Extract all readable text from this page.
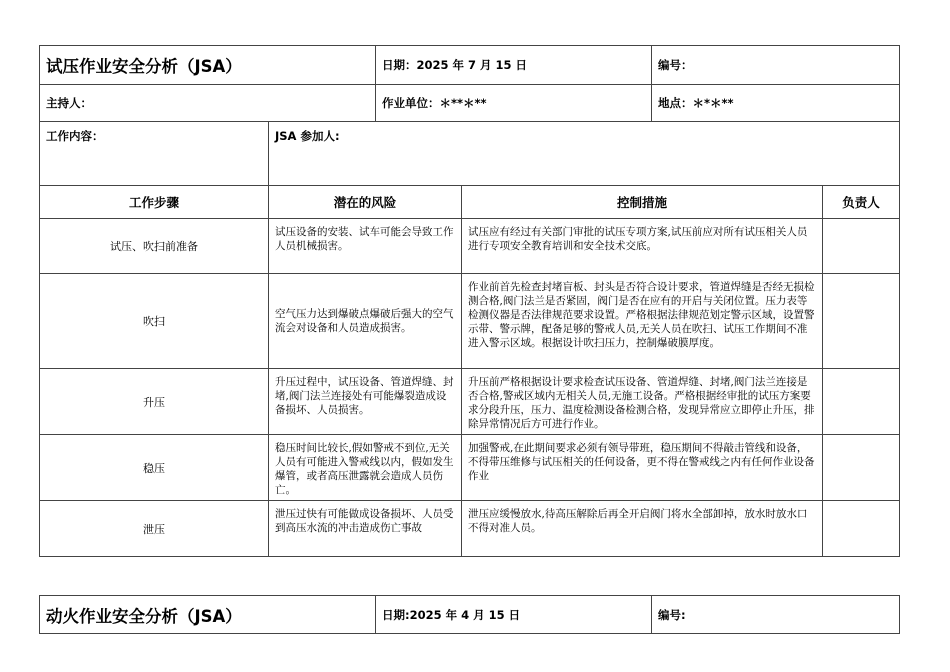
试压作业安全分析（JSA）		日期：2025 年 7 月 15 日		编号：	
主持人：		作业单位：＊**＊**		地点：＊*＊**	
工作内容：	JSA 参加人:				
工作步骤	潜在的风险		控制措施		负责人
试压、吹扫前准备	试压设备的安装、试车可能会导致工作人员机械损害。		试压应有经过有关部门审批的试压专项方案,试压前应对所有试压相关人员进行专项安全教育培训和安全技术交底。		
吹扫	空气压力达到爆破点爆破后强大的空气流会对设备和人员造成损害。		作业前首先检查封堵盲板、封头是否符合设计要求，管道焊缝是否经无损检测合格,阀门法兰是否紧固，阀门是否在应有的开启与关闭位置。压力表等检测仪器是否法律规范要求设置。严格根据法律规范划定警示区域，设置警示带、警示牌，配备足够的警戒人员,无关人员在吹扫、试压工作期间不准进入警示区域。根据设计吹扫压力，控制爆破膜厚度。		
升压	升压过程中，试压设备、管道焊缝、封堵,阀门法兰连接处有可能爆裂造成设备损坏、人员损害。		升压前严格根据设计要求检查试压设备、管道焊缝、封堵,阀门法兰连接是否合格,警戒区域内无相关人员,无施工设备。严格根据经审批的试压方案要求分段升压，压力、温度检测设备检测合格，发现异常应立即停止升压，排除异常情况后方可进行作业。		
稳压	稳压时间比较长,假如警戒不到位,无关人员有可能进入警戒线以内，假如发生爆管，或者高压泄露就会造成人员伤亡。		加强警戒,在此期间要求必须有领导带班，稳压期间不得敲击管线和设备，不得带压维修与试压相关的任何设备，更不得在警戒线之内有任何作业设备作业		
泄压	泄压过快有可能做成设备损坏、人员受到高压水流的冲击造成伤亡事故		泄压应缓慢放水,待高压解除后再全开启阀门将水全部卸掉，放水时放水口不得对准人员。		
动火作业安全分析（JSA）	日期:2025 年 4 月 15 日	编号:
